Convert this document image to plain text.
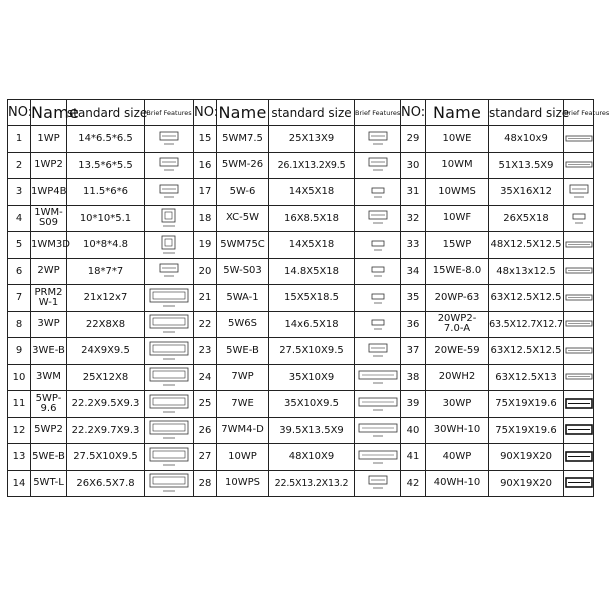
NO:	Name	standard size	Brief Features	NO:	Name	standard size	Brief Features	NO:	Name	standard size	Brief Features
1	1WP	14*6.5*6.5		15	5WM7.5	25X13X9		29	10WE	48x10x9	

2	1WP2	13.5*6*5.5		16	5WM-26	26.1X13.2X9.5		30	10WM	51X13.5X9	

3	1WP4B	11.5*6*6		17	5W-6	14X5X18		31	10WMS	35X16X12	

4	1WM-
S09	10*10*5.1		18	XC-5W	16X8.5X18		32	10WF	26X5X18	

5	1WM3D	10*8*4.8		19	5WM75C	14X5X18		33	15WP	48X12.5X12.5	

6	2WP	18*7*7		20	5W-S03	14.8X5X18		34	15WE-8.0	48x13x12.5	

7	PRM2
W-1	21x12x7		21	5WA-1	15X5X18.5		35	20WP-63	63X12.5X12.5	

8	3WP	22X8X8		22	5W6S	14x6.5X18		36	20WP2-
7.0-A	63.5X12.7X12.7	

9	3WE-B	24X9X9.5		23	5WE-B	27.5X10X9.5		37	20WE-59	63X12.5X12.5	

10	3WM	25X12X8		24	7WP	35X10X9		38	20WH2	63X12.5X13	

11	5WP-
9.6	22.2X9.5X9.3		25	7WE	35X10X9.5		39	30WP	75X19X19.6	

12	5WP2	22.2X9.7X9.3		26	7WM4-D	39.5X13.5X9		40	30WH-10	75X19X19.6	

13	5WE-B	27.5X10X9.5		27	10WP	48X10X9		41	40WP	90X19X20	

14	5WT-L	26X6.5X7.8		28	10WPS	22.5X13.2X13.2		42	40WH-10	90X19X20	
